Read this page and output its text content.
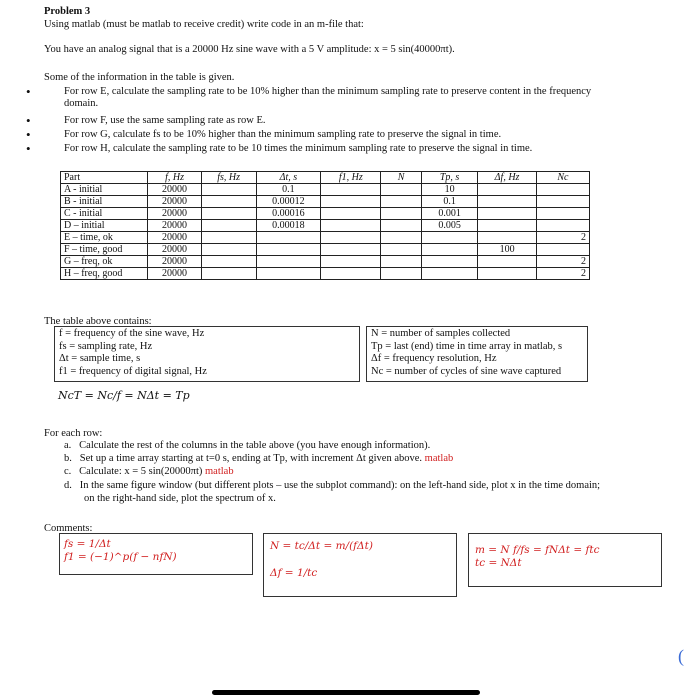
Problem 3
Using matlab (must be matlab to receive credit) write code in an m-file that:
You have an analog signal that is a 20000 Hz sine wave with a 5 V amplitude: x = 5 sin(40000πt).
Some of the information in the table is given.
•	For row E, calculate the sampling rate to be 10% higher than the minimum sampling rate to preserve content in the frequency
domain.
•	For row F, use the same sampling rate as row E.
•	For row G, calculate fs to be 10% higher than the minimum sampling rate to preserve the signal in time.
•	For row H, calculate the sampling rate to be 10 times the minimum sampling rate to preserve the signal in time.
Part	f, Hz	fs, Hz	Δt, s	f1, Hz	N	Tp, s	Δf, Hz	Nc
A - initial	20000		0.1			10		
B - initial	20000		0.00012			0.1		
C - initial	20000		0.00016			0.001		
D – initial	20000		0.00018			0.005		
E – time, ok	20000							2
F – time, good	20000						100	
G – freq, ok	20000							2
H – freq, good	20000							2
The table above contains:
f = frequency of the sine wave, Hz
fs = sampling rate, Hz
Δt = sample time, s
f1 = frequency of digital signal, Hz
N = number of samples collected
Tp = last (end) time in time array in matlab, s
Δf = frequency resolution, Hz
Nc = number of cycles of sine wave captured
NcT = Nc/f = NΔt = Tp
For each row:
a. Calculate the rest of the columns in the table above (you have enough information).
b. Set up a time array starting at t=0 s, ending at Tp, with increment Δt given above. matlab
c. Calculate: x = 5 sin(20000πt) matlab
d. In the same figure window (but different plots – use the subplot command): on the left-hand side, plot x in the time domain;
on the right-hand side, plot the spectrum of x.
Comments:
fs = 1/Δt
f1 = (−1)^p(f − nfN)
N = tc/Δt = m/(fΔt)
Δf = 1/tc
m = N f/fs = fNΔt = ftc
tc = NΔt
(
